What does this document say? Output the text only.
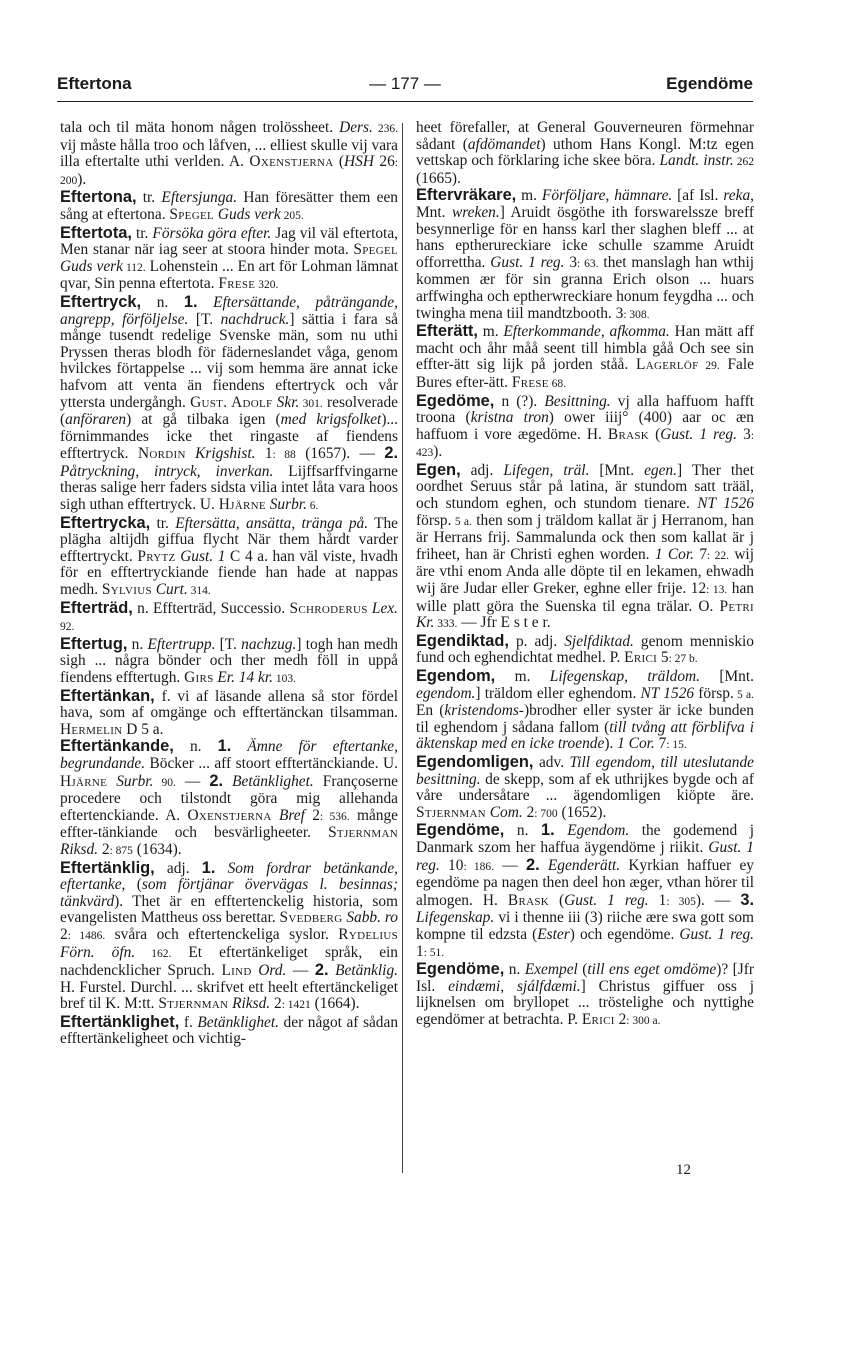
Eftertona	— 177 —	Egendöme

tala och til mäta honom någen trolössheet. Ders. 236. vij måste hålla troo och låfven, ... elliest skulle vij vara illa eftertalte uthi verlden. A. Oxenstjerna (HSH 26: 200).

Eftertona, tr. Eftersjunga. Han föresätter them een sång at eftertona. Spegel Guds verk 205.

Eftertota, tr. Försöka göra efter. Jag vil väl eftertota, Men stanar när iag seer at stoora hinder mota. Spegel Guds verk 112. Lohenstein ... En art för Lohman lämnat qvar, Sin penna eftertota. Frese 320.

Eftertryck, n. 1. Eftersättande, påträngande, angrepp, förföljelse. [T. nachdruck.] sättia i fara så månge tusendt redelige Svenske män, som nu uthi Pryssen theras blodh för fäderneslandet våga, genom hvilckes förtappelse ... vij som hemma äre annat icke hafvom att venta än fiendens eftertryck och vår yttersta undergångh. Gust. Adolf Skr. 301. resolverade (anföraren) at gå tilbaka igen (med krigsfolket)... förnimmandes icke thet ringaste af fiendens efftertryck. Nordin Krigshist. 1: 88 (1657). — 2. Påtryckning, intryck, inverkan. Lijffsarffvingarne theras salige herr faders sidsta vilia intet låta vara hoos sigh uthan efftertryck. U. Hjärne Surbr. 6.

Eftertrycka, tr. Eftersätta, ansätta, tränga på. The plägha altijdh giffua flycht När them hårdt varder efftertryckt. Prytz Gust. 1 C 4 a. han väl viste, hvadh för en efftertryckiande fiende han hade at nappas medh. Sylvius Curt. 314.

Efterträd, n. Effterträd, Successio. Schroderus Lex. 92.

Eftertug, n. Eftertrupp. [T. nachzug.] togh han medh sigh ... några bönder och ther medh föll in uppå fiendens efftertugh. Girs Er. 14 kr. 103.

Eftertänkan, f. vi af läsande allena så stor fördel hava, som af omgänge och efftertänckan tilsamman. Hermelin D 5 a.

Eftertänkande, n. 1. Ämne för eftertanke, begrundande. Böcker ... aff stoort efftertänckiande. U. Hjärne Surbr. 90. — 2. Betänklighet. Françoserne procedere och tilstondt göra mig allehanda eftertenckiande. A. Oxenstjerna Bref 2: 536. månge effter-tänkiande och besvärligheeter. Stjernman Riksd. 2: 875 (1634).

Eftertänklig, adj. 1. Som fordrar betänkande, eftertanke, (som förtjänar övervägas l. besinnas; tänkvärd). Thet är en efftertenckelig historia, som evangelisten Mattheus oss berettar. Svedberg Sabb. ro 2: 1486. svåra och eftertenckeliga syslor. Rydelius Förn. öfn. 162. Et eftertänkeliget språk, ein nachdencklicher Spruch. Lind Ord. — 2. Betänklig. H. Furstel. Durchl. ... skrifvet ett heelt eftertänckeliget bref til K. M:tt. Stjernman Riksd. 2: 1421 (1664).

Eftertänklighet, f. Betänklighet. der något af sådan efftertänkeligheet och vichtig-

heet förefaller, at General Gouverneuren förmehnar sådant (afdömandet) uthom Hans Kongl. M:tz egen vettskap och förklaring iche skee böra. Landt. instr. 262 (1665).

Eftervräkare, m. Förföljare, hämnare. [af Isl. reka, Mnt. wreken.] Aruidt ösgöthe ith forswarelssze breff besynnerlige för en hanss karl ther slaghen bleff ... at hans eptherureckiare icke schulle szamme Aruidt offorrettha. Gust. 1 reg. 3: 63. thet manslagh han wthij kommen ær för sin granna Erich olson ... huars arffwingha och eptherwreckiare honum feygdha ... och twingha mena tiil mandtzbooth. 3: 308.

Efterätt, m. Efterkommande, afkomma. Han mätt aff macht och åhr måå seent till himbla gåå Och see sin effter-ätt sig lijk på jorden ståå. Lagerlöf 29. Fale Bures efter-ätt. Frese 68.

Egedöme, n (?). Besittning. vj alla haffuom hafft troona (kristna tron) ower iiij° (400) aar oc æn haffuom i vore ægedöme. H. Brask (Gust. 1 reg. 3: 423).

Egen, adj. Lifegen, träl. [Mnt. egen.] Ther thet oordhet Seruus står på latina, är stundom satt trääl, och stundom eghen, och stundom tienare. NT 1526 försp. 5 a. then som j träldom kallat är j Herranom, han är Herrans frij. Sammalunda ock then som kallat är j friheet, han är Christi eghen worden. 1 Cor. 7: 22. wij äre vthi enom Anda alle döpte til en lekamen, ehwadh wij äre Judar eller Greker, eghne eller frije. 12: 13. han wille platt göra the Suenska til egna trälar. O. Petri Kr. 333. — Jfr E s t e r.

Egendiktad, p. adj. Sjelfdiktad. genom menniskio fund och eghendichtat medhel. P. Erici 5: 27 b.

Egendom, m. Lifegenskap, träldom. [Mnt. egendom.] träldom eller eghendom. NT 1526 försp. 5 a. En (kristendoms-)brodher eller syster är icke bunden til eghendom j sådana fallom (till tvång att förblifva i äktenskap med en icke troende). 1 Cor. 7: 15.

Egendomligen, adv. Till egendom, till uteslutande besittning. de skepp, som af ek uthrijkes bygde och af våre undersåtare ... ägendomligen kiöpte äre. Stjernman Com. 2: 700 (1652).

Egendöme, n. 1. Egendom. the godemend j Danmark szom her haffua äygendöme j riikit. Gust. 1 reg. 10: 186. — 2. Egenderätt. Kyrkian haffuer ey egendöme pa nagen then deel hon æger, vthan hörer til almogen. H. Brask (Gust. 1 reg. 1: 305). — 3. Lifegenskap. vi i thenne iii (3) riiche ære swa gott som kompne til edzsta (Ester) och egendöme. Gust. 1 reg. 1: 51.

Egendöme, n. Exempel (till ens eget omdöme)? [Jfr Isl. eindæmi, sjálfdæmi.] Christus giffuer oss j lijknelsen om bryllopet ... tröstelighe och nyttighe egendömer at betrachta. P. Erici 2: 300 a.

12
